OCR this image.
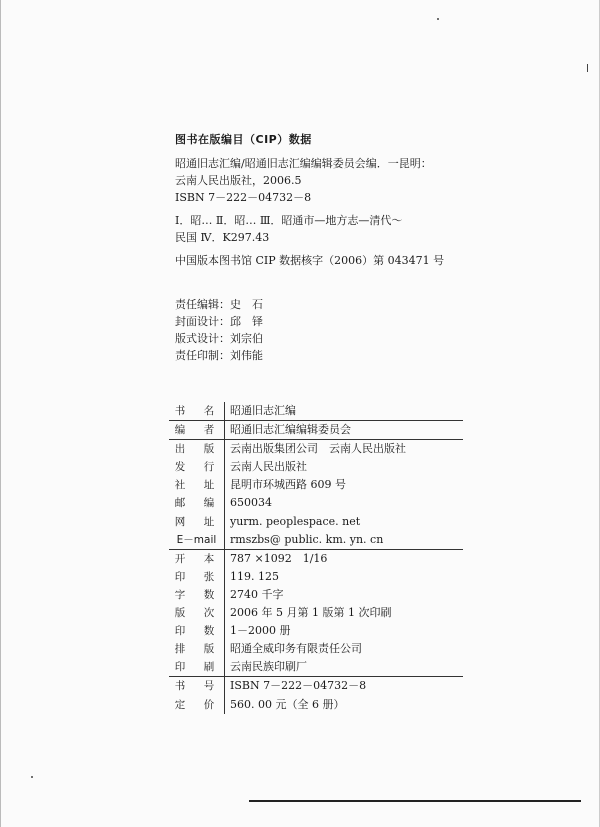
图书在版编目（CIP）数据
昭通旧志汇编/昭通旧志汇编编辑委员会编．一昆明：
云南人民出版社，2006.5
ISBN 7－222－04732－8
Ⅰ．昭… Ⅱ．昭… Ⅲ．昭通市—地方志—清代～
民国 Ⅳ．K297.43
中国版本图书馆 CIP 数据核字（2006）第 043471 号
责任编辑：史　石
封面设计：邱　铎
版式设计：刘宗伯
责任印制：刘伟能
书　名	昭通旧志汇编
编　者	昭通旧志汇编编辑委员会
出　版	云南出版集团公司　云南人民出版社
发　行	云南人民出版社
社　址	昆明市环城西路 609 号
邮　编	650034
网　址	yurm. peoplespace. net
E－mail	rmszbs@ public. km. yn. cn
开　本	787 ×1092　1/16
印　张	119. 125
字　数	2740 千字
版　次	2006 年 5 月第 1 版第 1 次印刷
印　数	1－2000 册
排　版	昭通全威印务有限责任公司
印　刷	云南民族印刷厂
书　号	ISBN 7－222－04732－8
定　价	560. 00 元（全 6 册）
